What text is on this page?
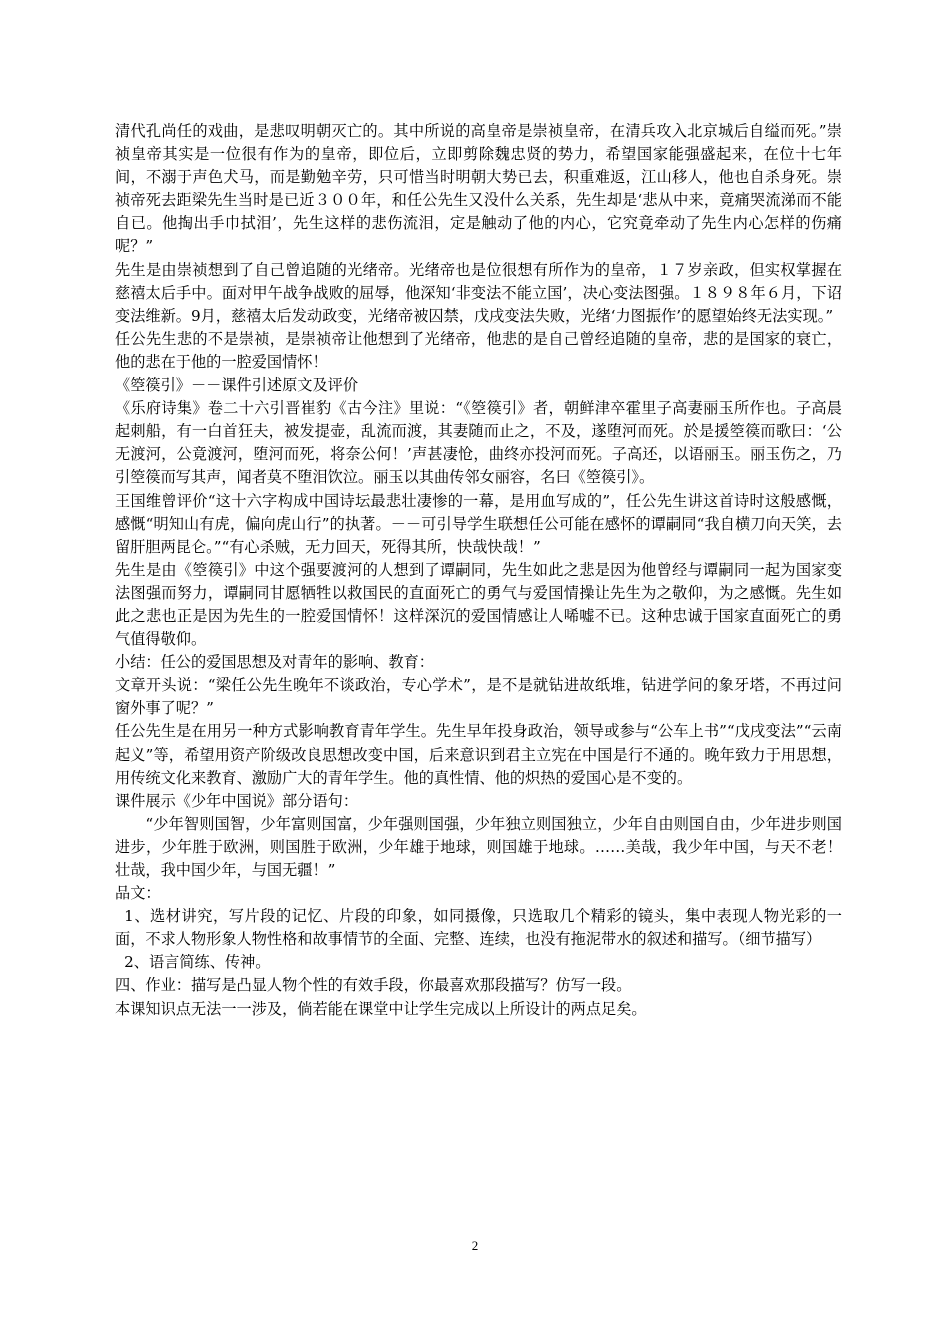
清代孔尚任的戏曲，是悲叹明朝灭亡的。其中所说的高皇帝是崇祯皇帝，在清兵攻入北京城后自缢而死。”崇祯皇帝其实是一位很有作为的皇帝，即位后，立即剪除魏忠贤的势力，希望国家能强盛起来，在位十七年间，不溺于声色犬马，而是勤勉辛劳，只可惜当时明朝大势已去，积重难返，江山移人，他也自杀身死。崇祯帝死去距梁先生当时是已近３００年，和任公先生又没什么关系，先生却是‘悲从中来，竟痛哭流涕而不能自已。他掏出手巾拭泪’，先生这样的悲伤流泪，定是触动了他的内心，它究竟牵动了先生内心怎样的伤痛呢？”

先生是由崇祯想到了自己曾追随的光绪帝。光绪帝也是位很想有所作为的皇帝，１７岁亲政，但实权掌握在慈禧太后手中。面对甲午战争战败的屈辱，他深知‘非变法不能立国’，决心变法图强。１８９８年６月，下诏变法维新。9月，慈禧太后发动政变，光绪帝被囚禁，戊戌变法失败，光绪‘力图振作’的愿望始终无法实现。”

任公先生悲的不是崇祯，是崇祯帝让他想到了光绪帝，他悲的是自己曾经追随的皇帝，悲的是国家的衰亡，他的悲在于他的一腔爱国情怀！

《箜篌引》－－课件引述原文及评价

《乐府诗集》卷二十六引晋崔豹《古今注》里说：“《箜篌引》者，朝鲜津卒霍里子高妻丽玉所作也。子高晨起刺船，有一白首狂夫，被发提壶，乱流而渡，其妻随而止之，不及，遂堕河而死。於是援箜篌而歌曰：‘公无渡河，公竟渡河，堕河而死，将奈公何！’声甚凄怆，曲终亦投河而死。子高还，以语丽玉。丽玉伤之，乃引箜篌而写其声，闻者莫不堕泪饮泣。丽玉以其曲传邻女丽容，名曰《箜篌引》。

王国维曾评价“这十六字构成中国诗坛最悲壮凄惨的一幕，是用血写成的”，任公先生讲这首诗时这般感慨，感慨“明知山有虎，偏向虎山行”的执著。－－可引导学生联想任公可能在感怀的谭嗣同“我自横刀向天笑，去留肝胆两昆仑。”“有心杀贼，无力回天，死得其所，快哉快哉！”

先生是由《箜篌引》中这个强要渡河的人想到了谭嗣同，先生如此之悲是因为他曾经与谭嗣同一起为国家变法图强而努力，谭嗣同甘愿牺牲以救国民的直面死亡的勇气与爱国情操让先生为之敬仰，为之感慨。先生如此之悲也正是因为先生的一腔爱国情怀！这样深沉的爱国情感让人唏嘘不已。这种忠诚于国家直面死亡的勇气值得敬仰。

小结：任公的爱国思想及对青年的影响、教育：

文章开头说：“梁任公先生晚年不谈政治，专心学术”，是不是就钻进故纸堆，钻进学问的象牙塔，不再过问窗外事了呢？”

任公先生是在用另一种方式影响教育青年学生。先生早年投身政治，领导或参与“公车上书”“戊戌变法”“云南起义”等，希望用资产阶级改良思想改变中国，后来意识到君主立宪在中国是行不通的。晚年致力于用思想，用传统文化来教育、激励广大的青年学生。他的真性情、他的炽热的爱国心是不变的。

课件展示《少年中国说》部分语句：

“少年智则国智，少年富则国富，少年强则国强，少年独立则国独立，少年自由则国自由，少年进步则国进步，少年胜于欧洲，则国胜于欧洲，少年雄于地球，则国雄于地球。……美哉，我少年中国，与天不老！壮哉，我中国少年，与国无疆！”

品文：

1、选材讲究，写片段的记忆、片段的印象，如同摄像，只选取几个精彩的镜头，集中表现人物光彩的一面，不求人物形象人物性格和故事情节的全面、完整、连续，也没有拖泥带水的叙述和描写。（细节描写）

2、语言简练、传神。

四、作业：描写是凸显人物个性的有效手段，你最喜欢那段描写？仿写一段。

本课知识点无法一一涉及，倘若能在课堂中让学生完成以上所设计的两点足矣。

2
